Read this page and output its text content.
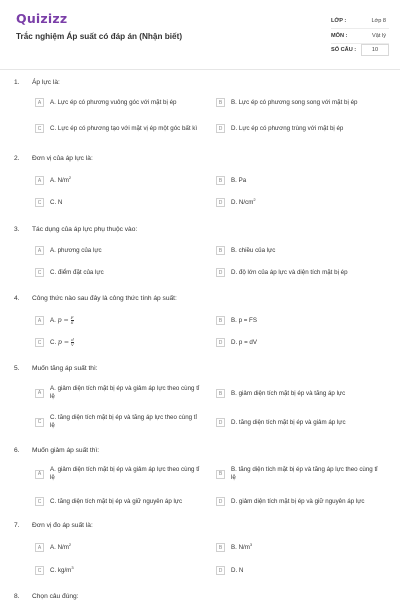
Quizizz
Trắc nghiệm Áp suất có đáp án (Nhận biết)
LỚP :	Lớp 8
MÔN :	Vật lý
SỐ CÂU :	10
1. Áp lực là:
A	A. Lực ép có phương vuông góc với mặt bị ép	B	B. Lực ép có phương song song với mặt bị ép
C	C. Lực ép có phương tạo với mặt vị ép một góc bất kì	D	D. Lực ép có phương trùng với mặt bị ép
2. Đơn vị của áp lực là:
A	A. $N/m^2$
B	B. Pa
C	C. N	D	D. $N/cm^2$
3. Tác dụng của áp lực phụ thuộc vào:
A	A. phương của lực	B	B. chiều của lực
C	C. điểm đặt của lực	D	D. độ lớn của áp lực và diện tích mặt bị ép
4. Công thức nào sau đây là công thức tính áp suất:
A	A. $p = \frac{F}{S}$	B	B. p = FS
C	C. $p = \frac{d}{V}$	D	D. p = dV
5. Muốn tăng áp suất thì:
A
A. giảm diện tích mặt bị ép và giảm áp lực theo cùng tỉ lệ	B	B. giảm diện tích mặt bị ép và tăng áp lực
C
C. tăng diện tích mặt bị ép và tăng áp lực theo cùng tỉ lệ	D	D. tăng diện tích mặt bị ép và giảm áp lực
6. Muốn giảm áp suất thì:
A
A. giảm diện tích mặt bị ép và giảm áp lực theo cùng tỉ lệ	B
B. tăng diện tích mặt bị ép và tăng áp lực theo cùng tỉ lệ
C	C. tăng diện tích mặt bị ép và giữ nguyên áp lực	D	D. giảm diện tích mặt bị ép và giữ nguyên áp lực
7. Đơn vị đo áp suất là:
A	A. $N/m^2$
B	B. $N/m^3$
C	C. $kg/m^3$
D	D. N
8. Chọn câu đúng:
